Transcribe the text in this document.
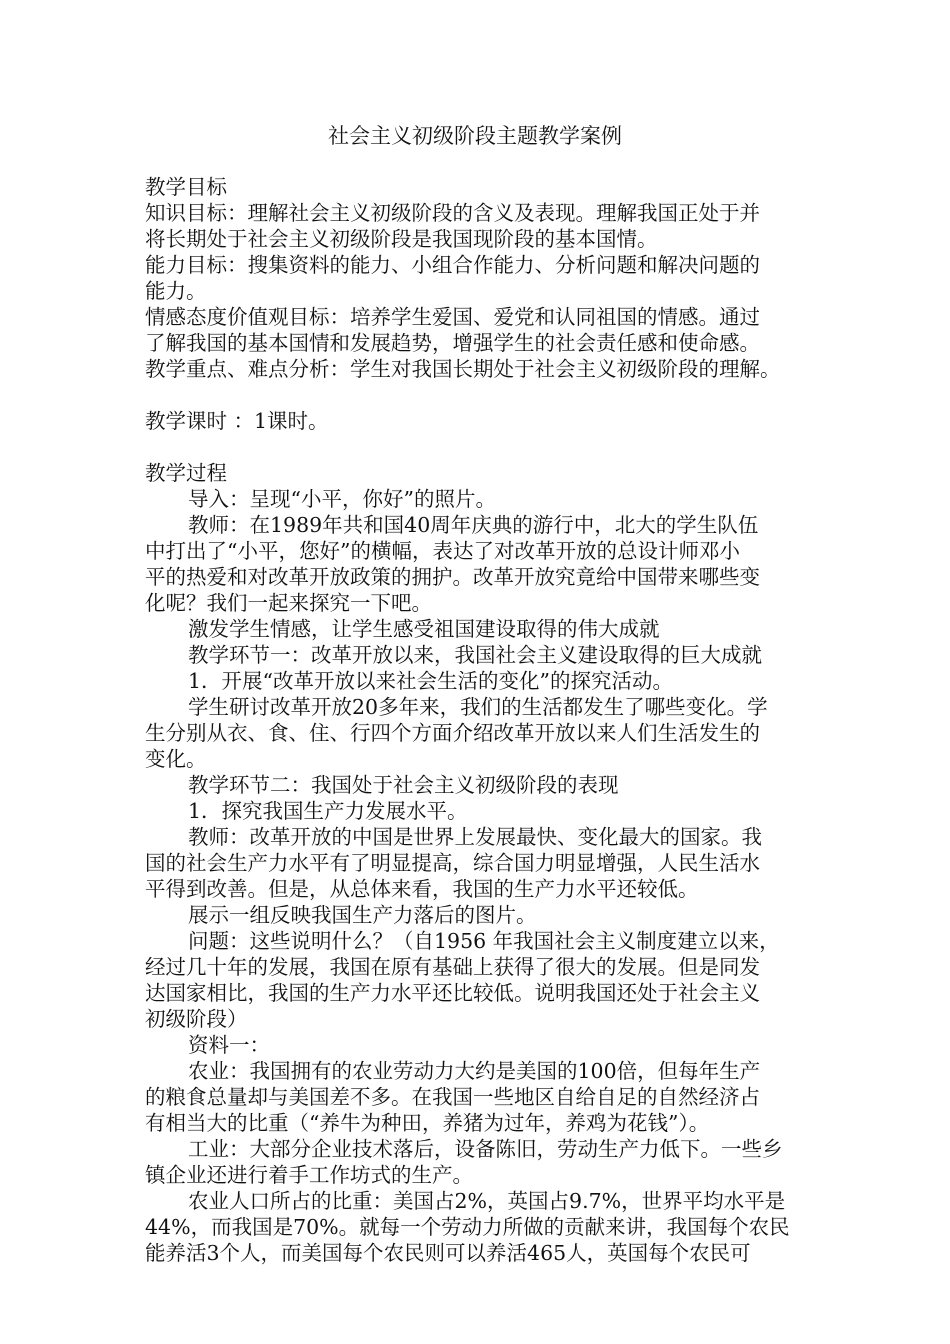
社会主义初级阶段主题教学案例
教学目标
知识目标：理解社会主义初级阶段的含义及表现。理解我国正处于并
将长期处于社会主义初级阶段是我国现阶段的基本国情。
能力目标：搜集资料的能力、小组合作能力、分析问题和解决问题的
能力。
情感态度价值观目标：培养学生爱国、爱党和认同祖国的情感。通过
了解我国的基本国情和发展趋势，增强学生的社会责任感和使命感。
教学重点、难点分析：学生对我国长期处于社会主义初级阶段的理解。
教学课时 ：1课时。
教学过程
导入：呈现“小平，你好”的照片。
教师：在1989年共和国40周年庆典的游行中，北大的学生队伍
中打出了“小平，您好”的横幅，表达了对改革开放的总设计师邓小
平的热爱和对改革开放政策的拥护。改革开放究竟给中国带来哪些变
化呢？我们一起来探究一下吧。
激发学生情感，让学生感受祖国建设取得的伟大成就
教学环节一：改革开放以来，我国社会主义建设取得的巨大成就
1．开展“改革开放以来社会生活的变化”的探究活动。
学生研讨改革开放20多年来，我们的生活都发生了哪些变化。学
生分别从衣、食、住、行四个方面介绍改革开放以来人们生活发生的
变化。
教学环节二：我国处于社会主义初级阶段的表现
1．探究我国生产力发展水平。
教师：改革开放的中国是世界上发展最快、变化最大的国家。我
国的社会生产力水平有了明显提高，综合国力明显增强，人民生活水
平得到改善。但是，从总体来看，我国的生产力水平还较低。
展示一组反映我国生产力落后的图片。
问题：这些说明什么？（自1956 年我国社会主义制度建立以来，
经过几十年的发展，我国在原有基础上获得了很大的发展。但是同发
达国家相比，我国的生产力水平还比较低。说明我国还处于社会主义
初级阶段）
资料一：
农业：我国拥有的农业劳动力大约是美国的100倍，但每年生产
的粮食总量却与美国差不多。在我国一些地区自给自足的自然经济占
有相当大的比重（“养牛为种田，养猪为过年，养鸡为花钱”）。
工业：大部分企业技术落后，设备陈旧，劳动生产力低下。一些乡
镇企业还进行着手工作坊式的生产。
农业人口所占的比重：美国占2%，英国占9.7%，世界平均水平是
44%，而我国是70%。就每一个劳动力所做的贡献来讲，我国每个农民
能养活3个人，而美国每个农民则可以养活465人，英国每个农民可
